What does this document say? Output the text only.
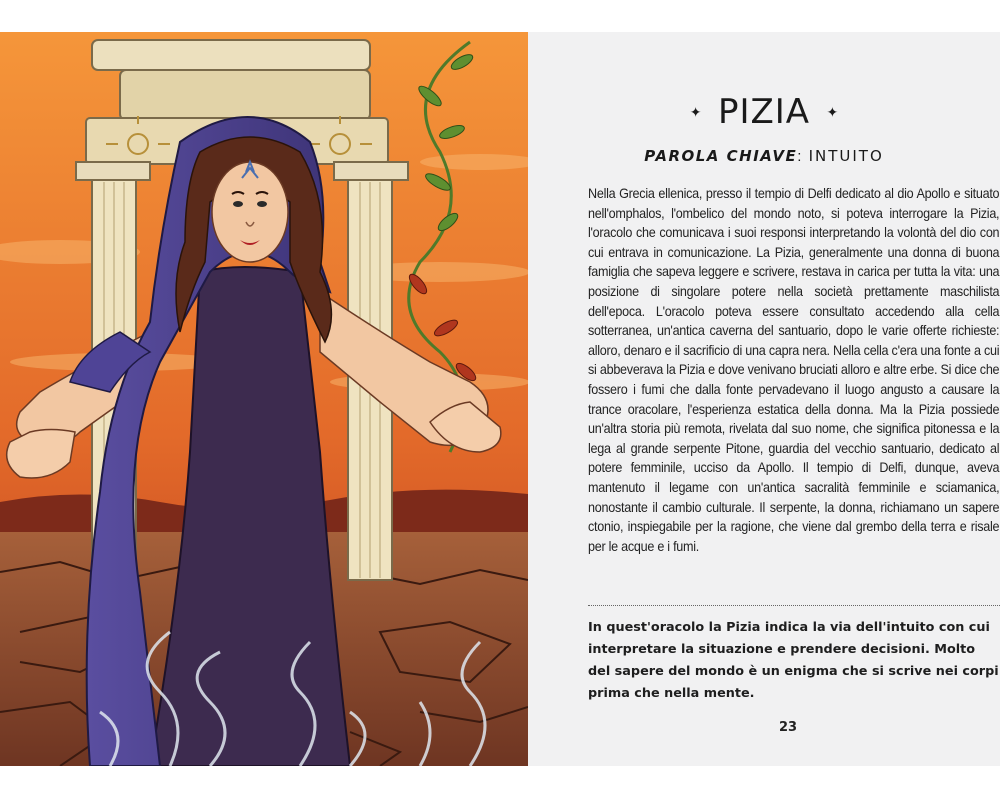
✦ PIZIA ✦
PAROLA CHIAVE: INTUITO

Nella Grecia ellenica, presso il tempio di Delfi dedicato al dio Apollo e situato nell'omphalos, l'ombelico del mondo noto, si poteva interrogare la Pizia, l'oracolo che comunicava i suoi responsi interpretando la volontà del dio con cui entrava in comunicazione. La Pizia, generalmente una donna di buona famiglia che sapeva leggere e scrivere, restava in carica per tutta la vita: una posizione di singolare potere nella società prettamente maschilista dell'epoca. L'oracolo poteva essere consultato accedendo alla cella sotterranea, un'antica caverna del santuario, dopo le varie offerte richieste: alloro, denaro e il sacrificio di una capra nera. Nella cella c'era una fonte a cui si abbeverava la Pizia e dove venivano bruciati alloro e altre erbe. Si dice che fossero i fumi che dalla fonte pervadevano il luogo angusto a causare la trance oracolare, l'esperienza estatica della donna. Ma la Pizia possiede un'altra storia più remota, rivelata dal suo nome, che significa pitonessa e la lega al grande serpente Pitone, guardia del vecchio santuario, dedicato al potere femminile, ucciso da Apollo. Il tempio di Delfi, dunque, aveva mantenuto il legame con un'antica sacralità femminile e sciamanica, nonostante il cambio culturale. Il serpente, la donna, richiamano un sapere ctonio, inspiegabile per la ragione, che viene dal grembo della terra e risale per le acque e i fumi.

In quest'oracolo la Pizia indica la via dell'intuito con cui interpretare la situazione e prendere decisioni. Molto del sapere del mondo è un enigma che si scrive nei corpi prima che nella mente.

23
